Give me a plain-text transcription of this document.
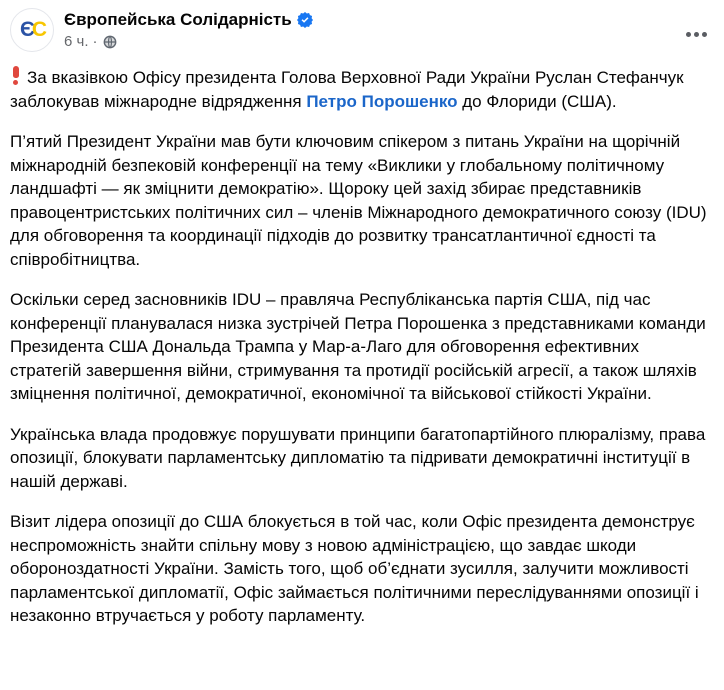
Є С Європейська Солідарність
6 ч. ·

За вказівкою Офісу президента Голова Верховної Ради України Руслан Стефанчук заблокував міжнародне відрядження Петро Порошенко до Флориди (США).

П’ятий Президент України мав бути ключовим спікером з питань України на щорічній міжнародній безпековій конференції на тему «Виклики у глобальному політичному ландшафті — як зміцнити демократію». Щороку цей захід збирає представників правоцентристських політичних сил – членів Міжнародного демократичного союзу (IDU) для обговорення та координації підходів до розвитку трансатлантичної єдності та співробітництва.

Оскільки серед засновників IDU – правляча Республіканська партія США, під час конференції планувалася низка зустрічей Петра Порошенка з представниками команди Президента США Дональда Трампа у Мар-а-Лаго для обговорення ефективних стратегій завершення війни, стримування та протидії російській агресії, а також шляхів зміцнення політичної, демократичної, економічної та військової стійкості України.

Українська влада продовжує порушувати принципи багатопартійного плюралізму, права опозиції, блокувати парламентську дипломатію та підривати демократичні інституції в нашій державі.

Візит лідера опозиції до США блокується в той час, коли Офіс президента демонструє неспроможність знайти спільну мову з новою адміністрацією, що завдає шкоди обороноздатності України. Замість того, щоб об’єднати зусилля, залучити можливості парламентської дипломатії, Офіс займається політичними переслідуваннями опозиції і незаконно втручається у роботу парламенту.
